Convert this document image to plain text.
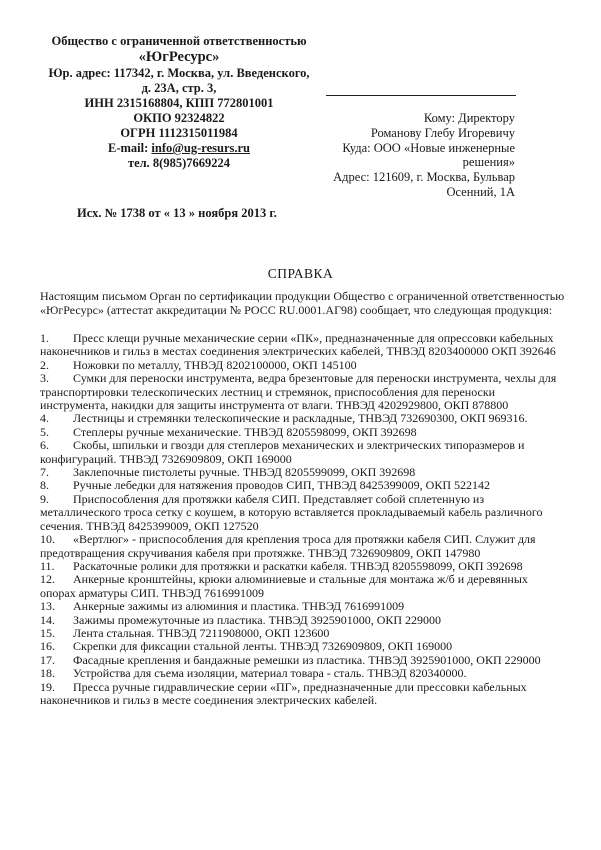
Общество с ограниченной ответственностью
«ЮгРесурс»
Юр. адрес: 117342, г. Москва, ул. Введенского,
д. 23А, стр. 3,
ИНН 2315168804, КПП 772801001
ОКПО 92324822
ОГРН 1112315011984
E-mail: info@ug-resurs.ru
тел. 8(985)7669224
Кому: Директору
Романову Глебу Игоревичу
Куда: ООО «Новые инженерные
решения»
Адрес: 121609, г. Москва, Бульвар
Осенний, 1А
Исх. № 1738 от « 13 » ноября 2013 г.
СПРАВКА
Настоящим письмом Орган по сертификации продукции Общество с ограниченной ответственностью «ЮгРесурс» (аттестат аккредитации № РОСС RU.0001.АГ98) сообщает, что следующая продукция:
1. Пресс клещи ручные механические серии «ПК», предназначенные для опрессовки кабельных наконечников и гильз в местах соединения электрических кабелей, ТНВЭД 8203400000 ОКП 392646
2. Ножовки по металлу, ТНВЭД 8202100000, ОКП 145100
3. Сумки для переноски инструмента, ведра брезентовые для переноски инструмента, чехлы для транспортировки телескопических лестниц и стремянок, приспособления для переноски инструмента, накидки для защиты инструмента от влаги. ТНВЭД 4202929800, ОКП 878800
4. Лестницы и стремянки телескопические и раскладные, ТНВЭД 732690300, ОКП 969316.
5. Степлеры ручные механические. ТНВЭД 8205598099, ОКП 392698
6. Скобы, шпильки и гвозди для степлеров механических и электрических типоразмеров и конфигураций. ТНВЭД 7326909809, ОКП 169000
7. Заклепочные пистолеты ручные. ТНВЭД 8205599099, ОКП 392698
8. Ручные лебедки для натяжения проводов СИП, ТНВЭД 8425399009, ОКП 522142
9. Приспособления для протяжки кабеля СИП. Представляет собой сплетенную из металлического троса сетку с коушем, в которую вставляется прокладываемый кабель различного сечения. ТНВЭД 8425399009, ОКП 127520
10. «Вертлюг» - приспособления для крепления троса для протяжки кабеля СИП. Служит для предотвращения скручивания кабеля при протяжке. ТНВЭД 7326909809, ОКП 147980
11. Раскаточные ролики для протяжки и раскатки кабеля. ТНВЭД 8205598099, ОКП 392698
12. Анкерные кронштейны, крюки алюминиевые и стальные для монтажа ж/б и деревянных опорах арматуры СИП. ТНВЭД 7616991009
13. Анкерные зажимы из алюминия и пластика. ТНВЭД 7616991009
14. Зажимы промежуточные из пластика. ТНВЭД 3925901000, ОКП 229000
15. Лента стальная. ТНВЭД 7211908000, ОКП 123600
16. Скрепки для фиксации стальной ленты. ТНВЭД 7326909809, ОКП 169000
17. Фасадные крепления и бандажные ремешки из пластика. ТНВЭД 3925901000, ОКП 229000
18. Устройства для съема изоляции, материал товара - сталь. ТНВЭД 820340000.
19. Пресса ручные гидравлические серии «ПГ», предназначенные дли прессовки кабельных наконечников и гильз в месте соединения электрических кабелей.
